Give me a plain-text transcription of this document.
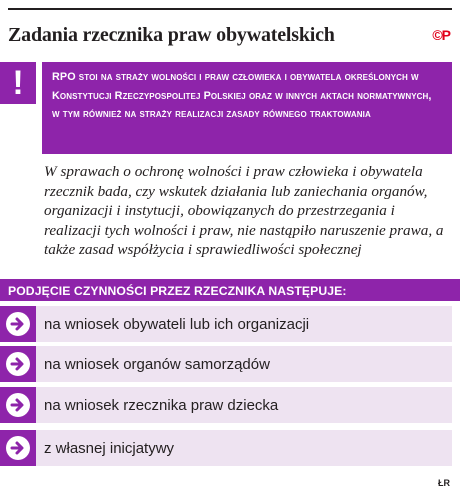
Zadania rzecznika praw obywatelskich	©P
!	RPO stoi na straży wolności i praw człowieka i obywatela określonych w Konstytucji Rzeczypospolitej Polskiej oraz w innych aktach normatywnych, w tym również na straży realizacji zasady równego traktowania

W sprawach o ochronę wolności i praw człowieka i obywatela rzecznik bada, czy wskutek działania lub zaniechania organów, organizacji i instytucji, obowiązanych do przestrzegania i realizacji tych wolności i praw, nie nastąpiło naruszenie prawa, a także zasad współżycia i sprawiedliwości społecznej

PODJĘCIE CZYNNOŚCI PRZEZ RZECZNIKA NASTĘPUJE:
na wniosek obywateli lub ich organizacji
na wniosek organów samorządów
na wniosek rzecznika praw dziecka
z własnej inicjatywy
ŁR
